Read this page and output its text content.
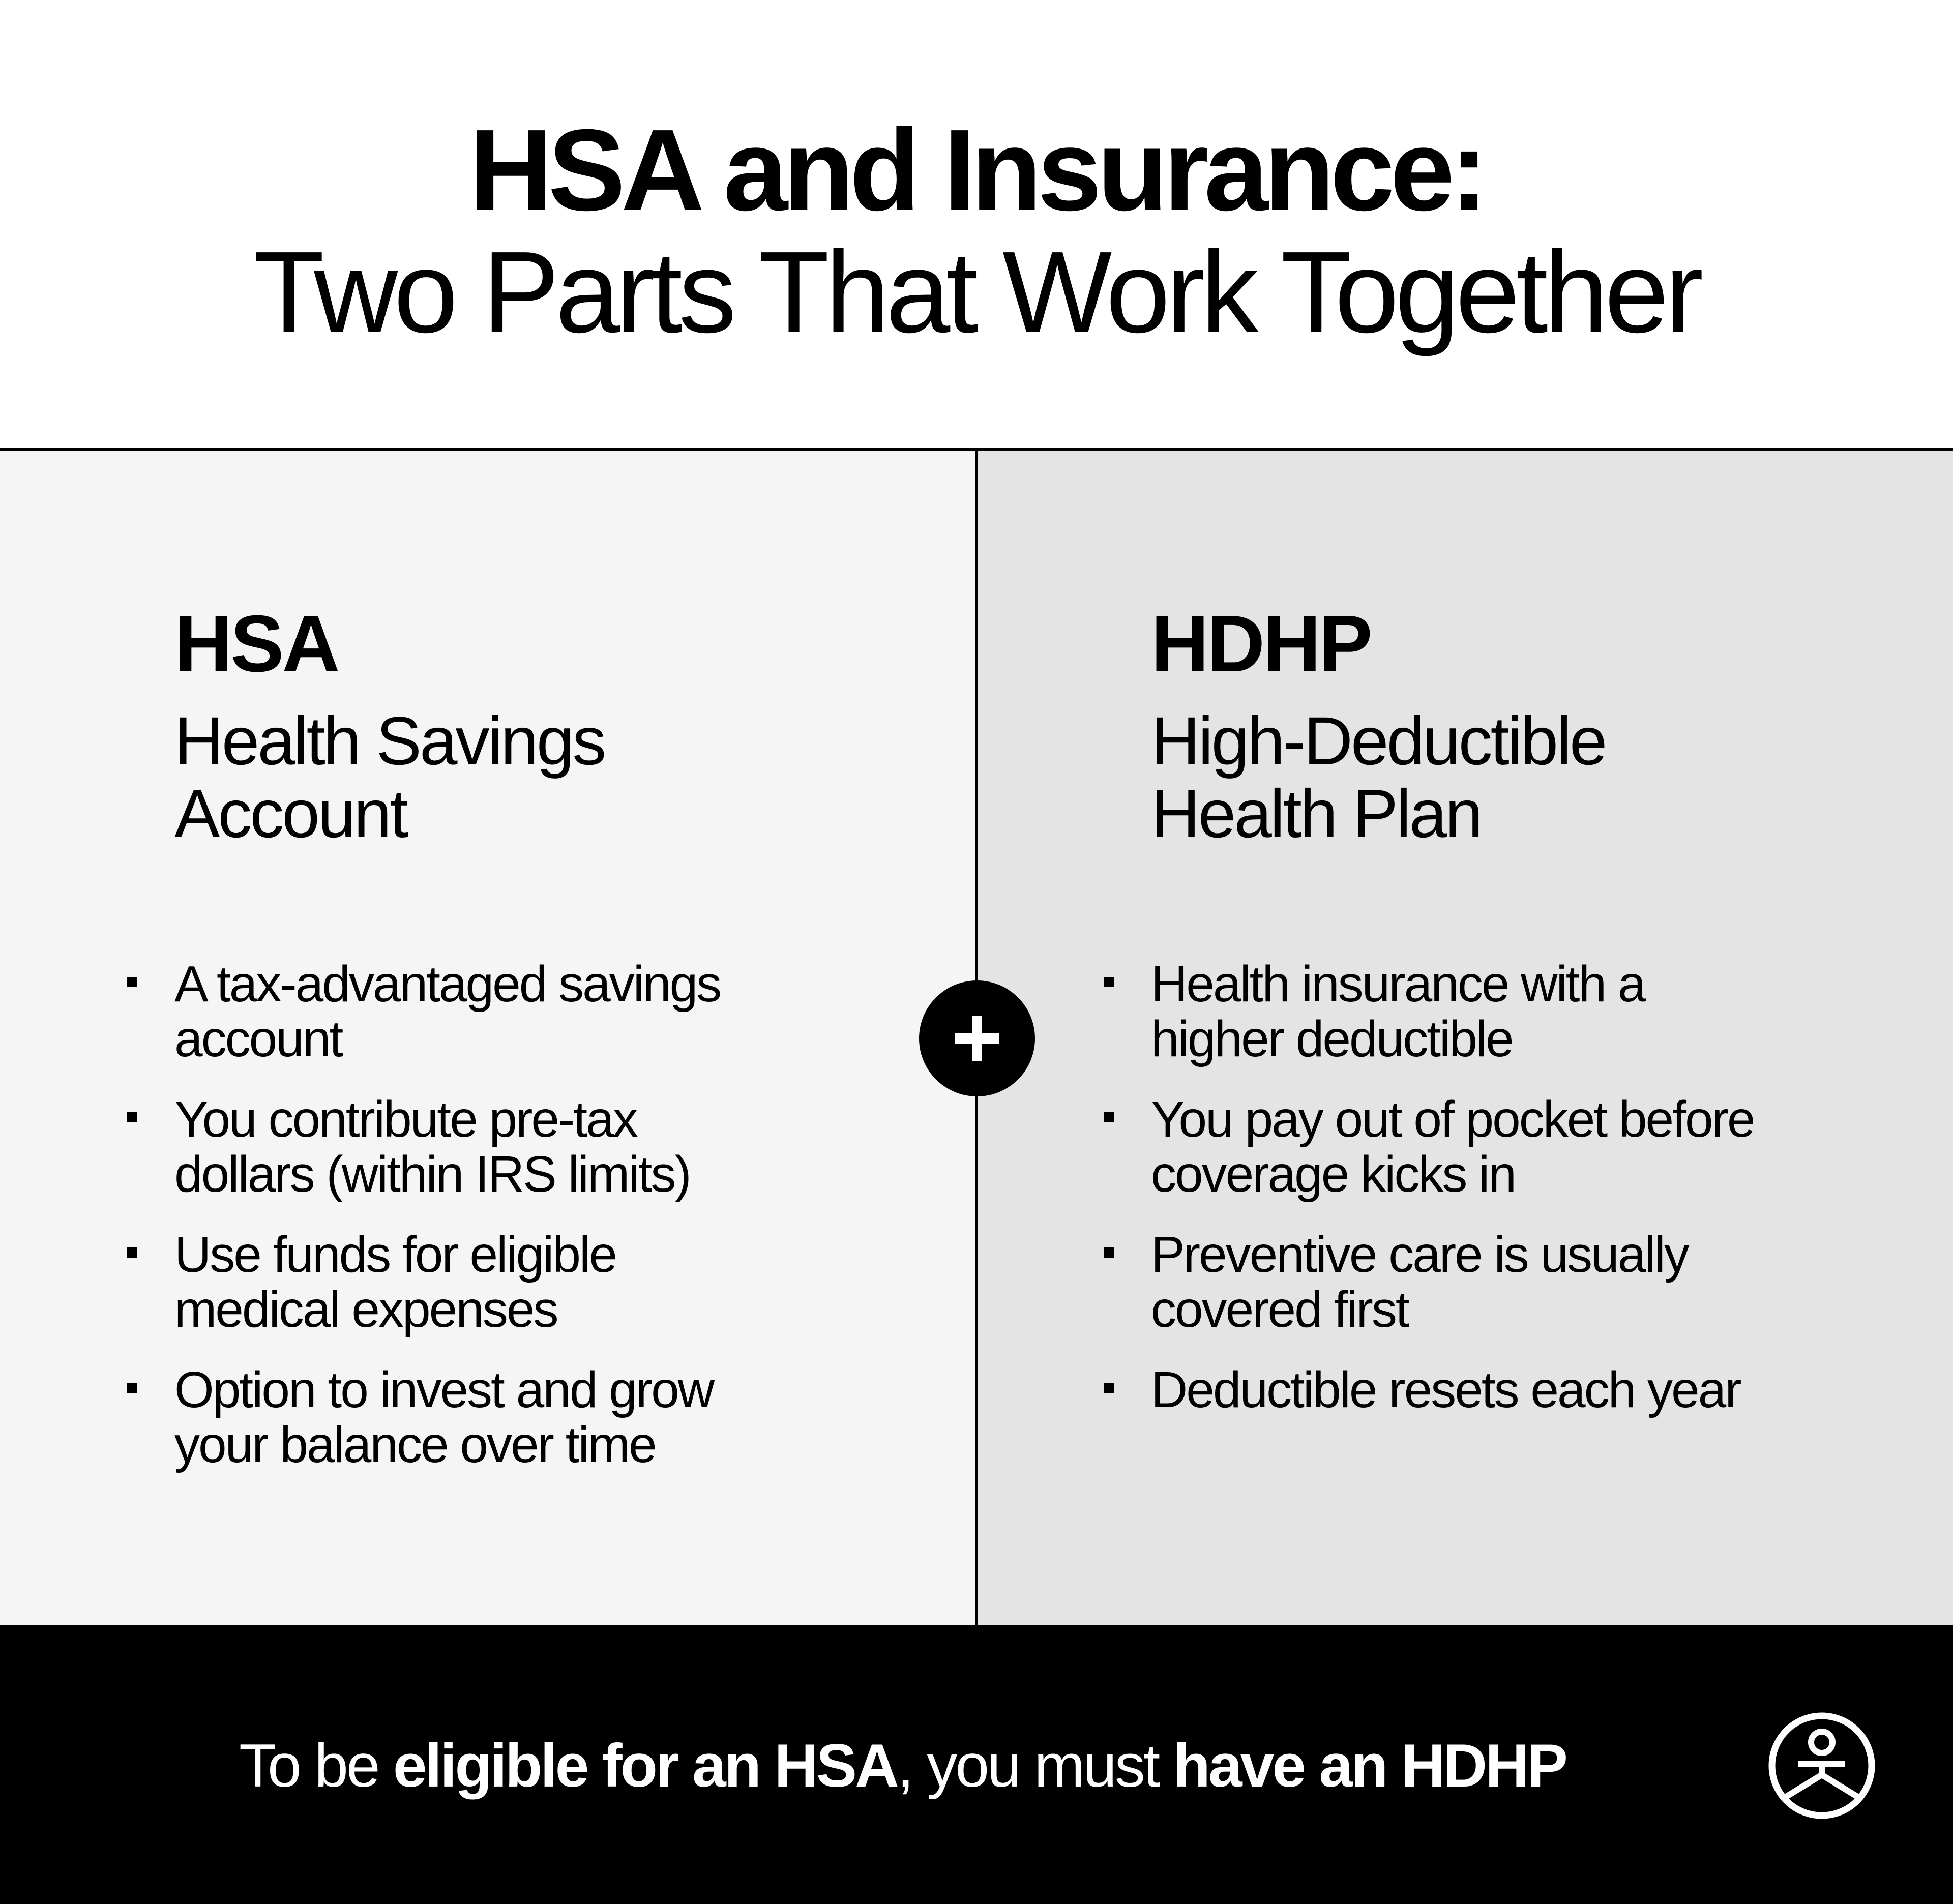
HSA and Insurance:
Two Parts That Work Together
HSA
Health Savings
Account
A tax-advantaged savings
account
You contribute pre-tax
dollars (within IRS limits)
Use funds for eligible
medical expenses
Option to invest and grow
your balance over time
HDHP
High-Deductible
Health Plan
Health insurance with a
higher deductible
You pay out of pocket before
coverage kicks in
Preventive care is usually
covered first
Deductible resets each year
To be eligible for an HSA, you must have an HDHP
